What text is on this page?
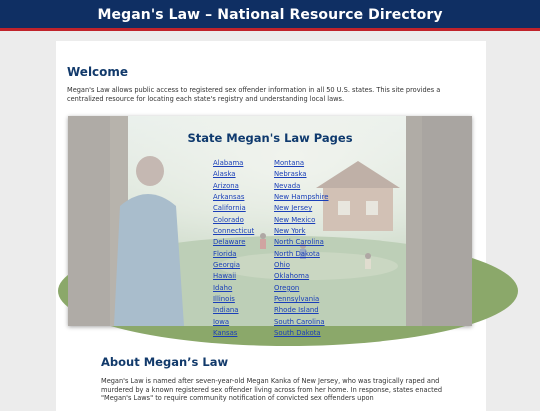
Megan's Law – National Resource Directory
Welcome

Megan's Law allows public access to registered sex offender information in all 50 U.S. states. This site provides a centralized resource for locating each state's registry and understanding local laws.

State Megan's Law Pages
Alabama
Alaska
Arizona
Arkansas
California
Colorado
Connecticut
Delaware
Florida
Georgia
Hawaii
Idaho
Illinois
Indiana
Iowa
Kansas
Montana
Nebraska
Nevada
New Hampshire
New Jersey
New Mexico
New York
North Carolina
North Dakota
Ohio
Oklahoma
Oregon
Pennsylvania
Rhode Island
South Carolina
South Dakota
About Megan’s Law

Megan's Law is named after seven-year-old Megan Kanka of New Jersey, who was tragically raped and murdered by a known registered sex offender living across from her home. In response, states enacted "Megan's Laws" to require community notification of convicted sex offenders upon
